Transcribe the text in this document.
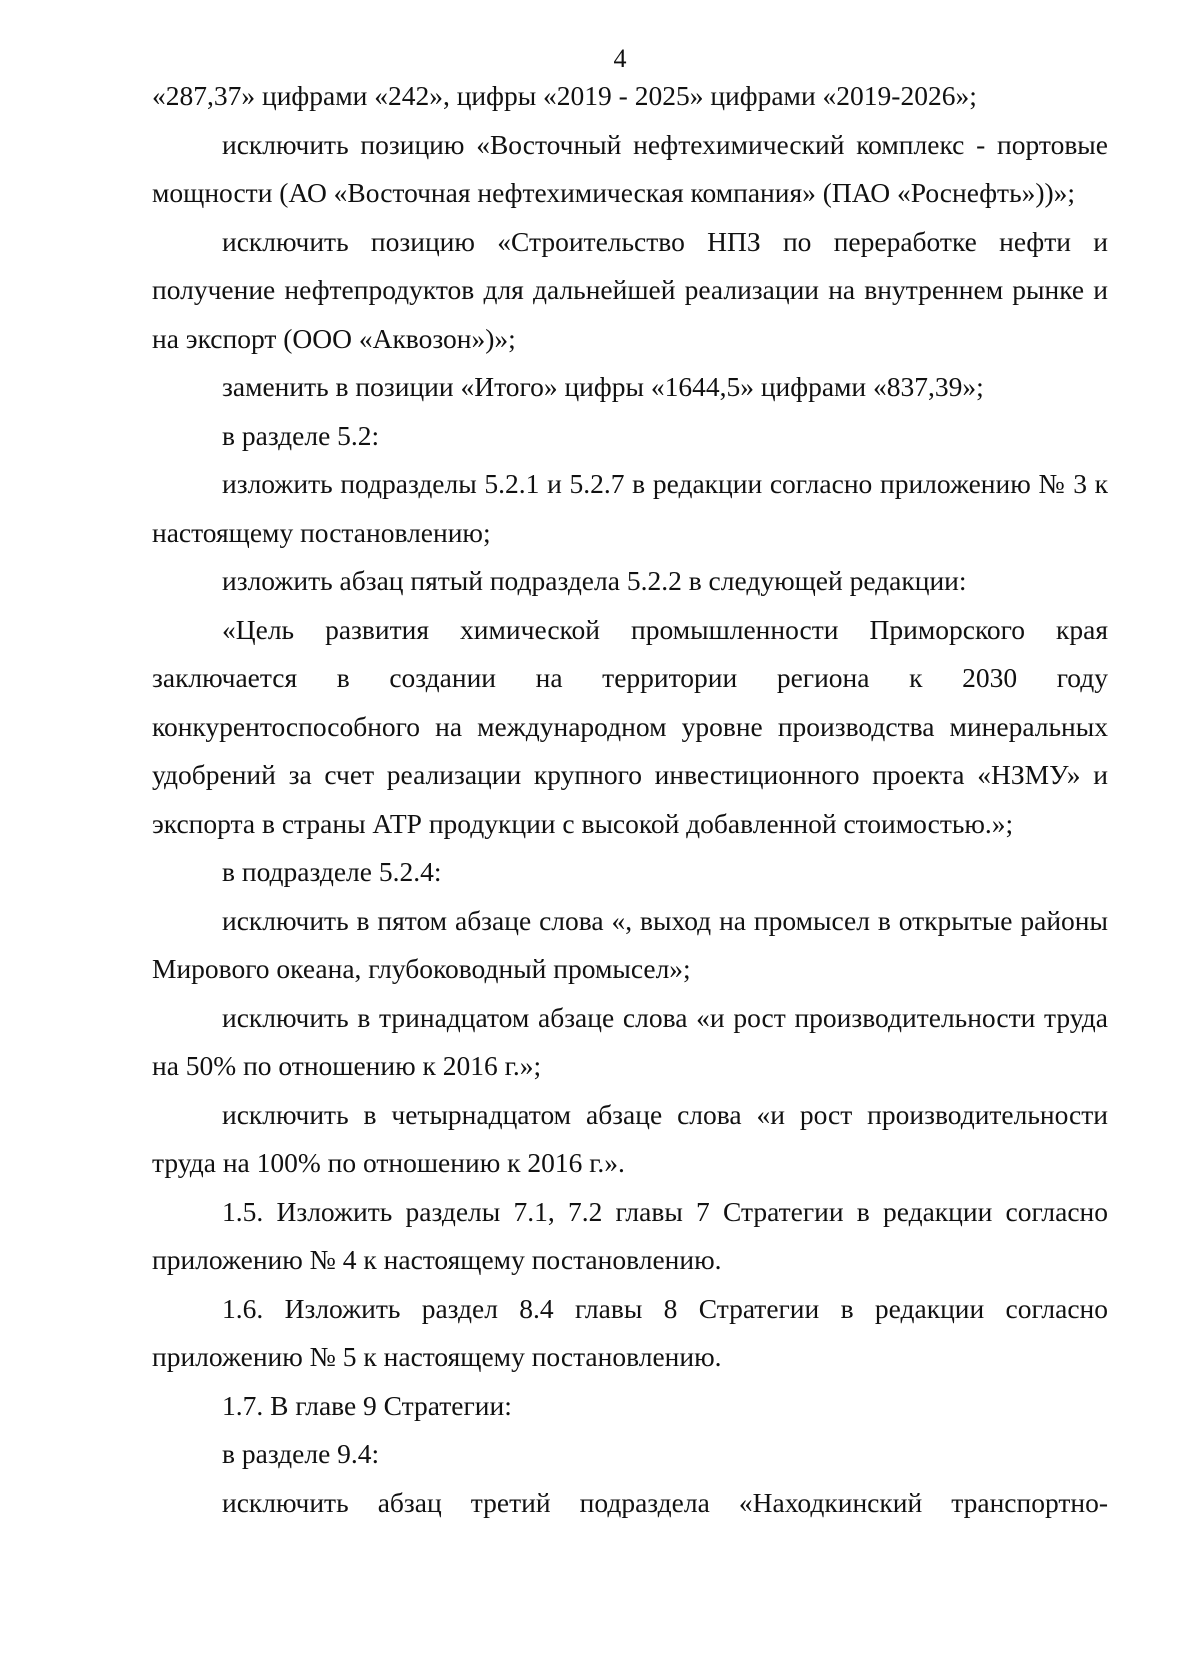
4

«287,37» цифрами «242», цифры «2019 - 2025» цифрами «2019-2026»;

исключить позицию «Восточный нефтехимический комплекс - портовые мощности (АО «Восточная нефтехимическая компания» (ПАО «Роснефть»))»;

исключить позицию «Строительство НПЗ по переработке нефти и получение нефтепродуктов для дальнейшей реализации на внутреннем рынке и на экспорт (ООО «Аквозон»)»;

заменить в позиции «Итого» цифры «1644,5» цифрами «837,39»;

в разделе 5.2:

изложить подразделы 5.2.1 и 5.2.7 в редакции согласно приложению № 3 к настоящему постановлению;

изложить абзац пятый подраздела 5.2.2 в следующей редакции:

«Цель развития химической промышленности Приморского края заключается в создании на территории региона к 2030 году конкурентоспособного на международном уровне производства минеральных удобрений за счет реализации крупного инвестиционного проекта «НЗМУ» и экспорта в страны АТР продукции с высокой добавленной стоимостью.»;

в подразделе 5.2.4:

исключить в пятом абзаце слова «, выход на промысел в открытые районы Мирового океана, глубоководный промысел»;

исключить в тринадцатом абзаце слова «и рост производительности труда на 50% по отношению к 2016 г.»;

исключить в четырнадцатом абзаце слова «и рост производительности труда на 100% по отношению к 2016 г.».

1.5. Изложить разделы 7.1, 7.2 главы 7 Стратегии в редакции согласно приложению № 4 к настоящему постановлению.

1.6. Изложить раздел 8.4 главы 8 Стратегии в редакции согласно приложению № 5 к настоящему постановлению.

1.7. В главе 9 Стратегии:

в разделе 9.4:

исключить абзац третий подраздела «Находкинский транспортно-
